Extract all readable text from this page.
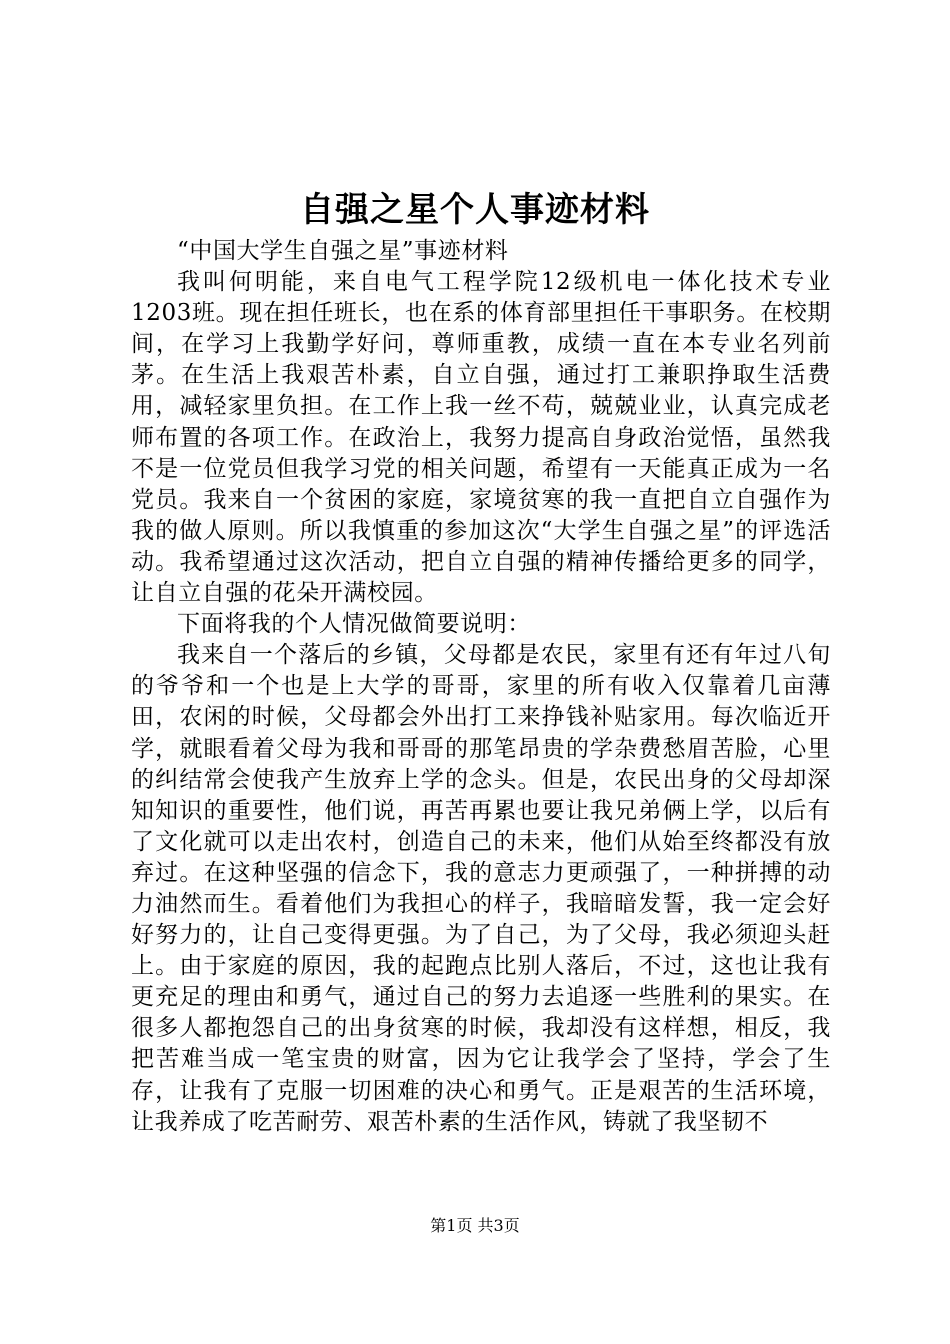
自强之星个人事迹材料

“中国大学生自强之星”事迹材料

我叫何明能，来自电气工程学院12级机电一体化技术专业1203班。现在担任班长，也在系的体育部里担任干事职务。在校期间，在学习上我勤学好问，尊师重教，成绩一直在本专业名列前茅。在生活上我艰苦朴素，自立自强，通过打工兼职挣取生活费用，减轻家里负担。在工作上我一丝不苟，兢兢业业，认真完成老师布置的各项工作。在政治上，我努力提高自身政治觉悟，虽然我不是一位党员但我学习党的相关问题，希望有一天能真正成为一名党员。我来自一个贫困的家庭，家境贫寒的我一直把自立自强作为我的做人原则。所以我慎重的参加这次“大学生自强之星”的评选活动。我希望通过这次活动，把自立自强的精神传播给更多的同学，让自立自强的花朵开满校园。

下面将我的个人情况做简要说明：

我来自一个落后的乡镇，父母都是农民，家里有还有年过八旬的爷爷和一个也是上大学的哥哥，家里的所有收入仅靠着几亩薄田，农闲的时候，父母都会外出打工来挣钱补贴家用。每次临近开学，就眼看着父母为我和哥哥的那笔昂贵的学杂费愁眉苦脸，心里的纠结常会使我产生放弃上学的念头。但是，农民出身的父母却深知知识的重要性，他们说，再苦再累也要让我兄弟俩上学，以后有了文化就可以走出农村，创造自己的未来，他们从始至终都没有放弃过。在这种坚强的信念下，我的意志力更顽强了，一种拼搏的动力油然而生。看着他们为我担心的样子，我暗暗发誓，我一定会好好努力的，让自己变得更强。为了自己，为了父母，我必须迎头赶上。由于家庭的原因，我的起跑点比别人落后，不过，这也让我有更充足的理由和勇气，通过自己的努力去追逐一些胜利的果实。在很多人都抱怨自己的出身贫寒的时候，我却没有这样想，相反，我把苦难当成一笔宝贵的财富，因为它让我学会了坚持，学会了生存，让我有了克服一切困难的决心和勇气。正是艰苦的生活环境，让我养成了吃苦耐劳、艰苦朴素的生活作风，铸就了我坚韧不

第1页 共3页
